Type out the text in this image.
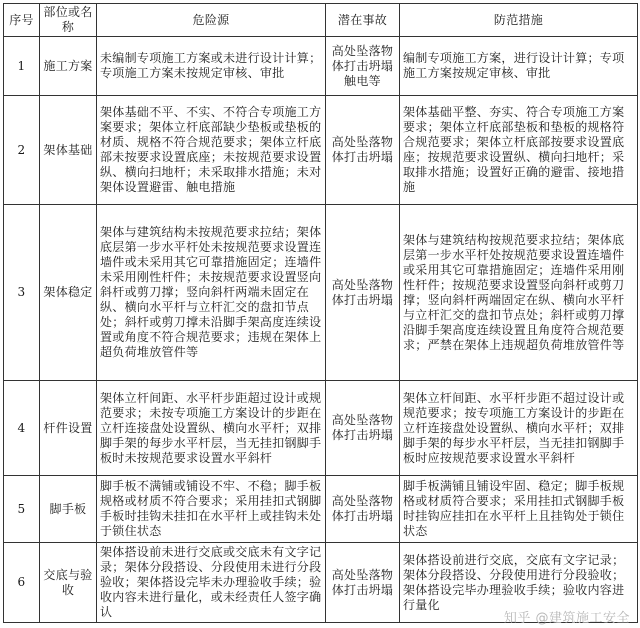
序号	部位或名称	危险源	潜在事故	防范措施
1	施工方案	未编制专项施工方案或未进行设计计算；专项施工方案未按规定审核、审批	高处坠落物体打击坍塌触电等	编制专项施工方案，进行设计计算；专项施工方案按规定审核、审批
2	架体基础	架体基础不平、不实、不符合专项施工方案要求；架体立杆底部缺少垫板或垫板的材质、规格不符合规范要求；架体立杆底部未按要求设置底座；未按规范要求设置纵、横向扫地杆；未采取排水措施；未对架体设置避雷、触电措施	高处坠落物体打击坍塌	架体基础平整、夯实、符合专项施工方案要求；架体立杆底部垫板和垫板的规格符合规范要求；架体立杆底部按要求设置底座；按规范要求设置纵、横向扫地杆；采取排水措施；设置好正确的避雷、接地措施
3	架体稳定	架体与建筑结构未按规范要求拉结；架体底层第一步水平杆处未按规范要求设置连墙件或未采用其它可靠措施固定；连墙件未采用刚性杆件；未按规范要求设置竖向斜杆或剪刀撑；竖向斜杆两端未固定在纵、横向水平杆与立杆汇交的盘扣节点处；斜杆或剪刀撑未沿脚手架高度连续设置或角度不符合规范要求；违规在架体上超负荷堆放管件等	高处坠落物体打击坍塌	架体与建筑结构按规范要求拉结；架体底层第一步水平杆处按规范要求设置连墙件或采用其它可靠措施固定；连墙件采用刚性杆件；按规范要求设置竖向斜杆或剪刀撑；竖向斜杆两端固定在纵、横向水平杆与立杆汇交的盘扣节点处；斜杆或剪刀撑沿脚手架高度连续设置且角度符合规范要求；严禁在架体上违规超负荷堆放管件等
4	杆件设置	架体立杆间距、水平杆步距超过设计或规范要求；未按专项施工方案设计的步距在立杆连接盘处设置纵、横向水平杆；双排脚手架的每步水平杆层，当无挂扣钢脚手板时未按规范要求设置水平斜杆	高处坠落物体打击坍塌	架体立杆间距、水平杆步距不超过设计或规范要求；按专项施工方案设计的步距在立杆连接盘处设置纵、横向水平杆；双排脚手架的每步水平杆层，当无挂扣钢脚手板时应按规范要求设置水平斜杆
5	脚手板	脚手板不满铺或铺设不牢、不稳；脚手板规格或材质不符合要求；采用挂扣式钢脚手板时挂钩未挂扣在水平杆上或挂钩未处于锁住状态	高处坠落物体打击坍塌	脚手板满铺且铺设牢固、稳定；脚手板规格或材质符合要求；采用挂扣式钢脚手板时挂钩应挂扣在水平杆上且挂钩处于锁住状态
6	交底与验收	架体搭设前未进行交底或交底未有文字记录；架体分段搭设、分段使用未进行分段验收；架体搭设完毕未办理验收手续；验收内容未进行量化，或未经责任人签字确认	高处坠落物体打击坍塌	架体搭设前进行交底，交底有文字记录；架体分段搭设、分段使用进行分段验收；架体搭设完毕办理验收手续；验收内容进行量化
知乎 @建筑施工安全
